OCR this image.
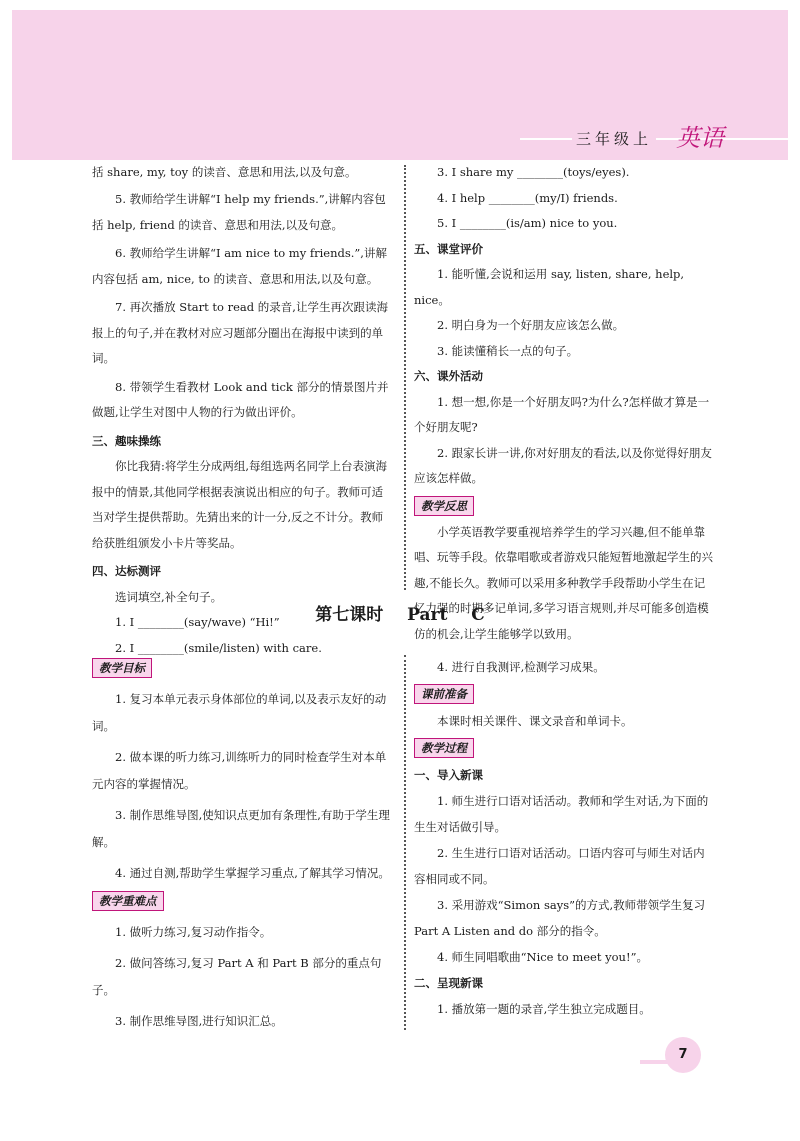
三年级上 英语

括 share, my, toy 的读音、意思和用法,以及句意。

5. 教师给学生讲解“I help my friends.”,讲解内容包括 help, friend 的读音、意思和用法,以及句意。

6. 教师给学生讲解“I am nice to my friends.”,讲解内容包括 am, nice, to 的读音、意思和用法,以及句意。

7. 再次播放 Start to read 的录音,让学生再次跟读海报上的句子,并在教材对应习题部分圈出在海报中读到的单词。

8. 带领学生看教材 Look and tick 部分的情景图片并做题,让学生对图中人物的行为做出评价。

三、趣味操练

你比我猜:将学生分成两组,每组选两名同学上台表演海报中的情景,其他同学根据表演说出相应的句子。教师可适当对学生提供帮助。先猜出来的计一分,反之不计分。教师给获胜组颁发小卡片等奖品。

四、达标测评

选词填空,补全句子。

1. I ________(say/wave) “Hi!”

2. I ________(smile/listen) with care.

3. I share my ________(toys/eyes).

4. I help ________(my/I) friends.

5. I ________(is/am) nice to you.

五、课堂评价

1. 能听懂,会说和运用 say, listen, share, help, nice。

2. 明白身为一个好朋友应该怎么做。

3. 能读懂稍长一点的句子。

六、课外活动

1. 想一想,你是一个好朋友吗?为什么?怎样做才算是一个好朋友呢?

2. 跟家长讲一讲,你对好朋友的看法,以及你觉得好朋友应该怎样做。

教学反思

小学英语教学要重视培养学生的学习兴趣,但不能单靠唱、玩等手段。依靠唱歌或者游戏只能短暂地激起学生的兴趣,不能长久。教师可以采用多种教学手段帮助小学生在记忆力强的时期多记单词,多学习语言规则,并尽可能多创造模仿的机会,让学生能够学以致用。

第七课时 Part C

教学目标

1. 复习本单元表示身体部位的单词,以及表示友好的动词。

2. 做本课的听力练习,训练听力的同时检查学生对本单元内容的掌握情况。

3. 制作思维导图,使知识点更加有条理性,有助于学生理解。

4. 通过自测,帮助学生掌握学习重点,了解其学习情况。

教学重难点

1. 做听力练习,复习动作指令。

2. 做问答练习,复习 Part A 和 Part B 部分的重点句子。

3. 制作思维导图,进行知识汇总。

4. 进行自我测评,检测学习成果。

课前准备

本课时相关课件、课文录音和单词卡。

教学过程

一、导入新课

1. 师生进行口语对话活动。教师和学生对话,为下面的生生对话做引导。

2. 生生进行口语对话活动。口语内容可与师生对话内容相同或不同。

3. 采用游戏“Simon says”的方式,教师带领学生复习 Part A Listen and do 部分的指令。

4. 师生同唱歌曲“Nice to meet you!”。

二、呈现新课

1. 播放第一题的录音,学生独立完成题目。

7
